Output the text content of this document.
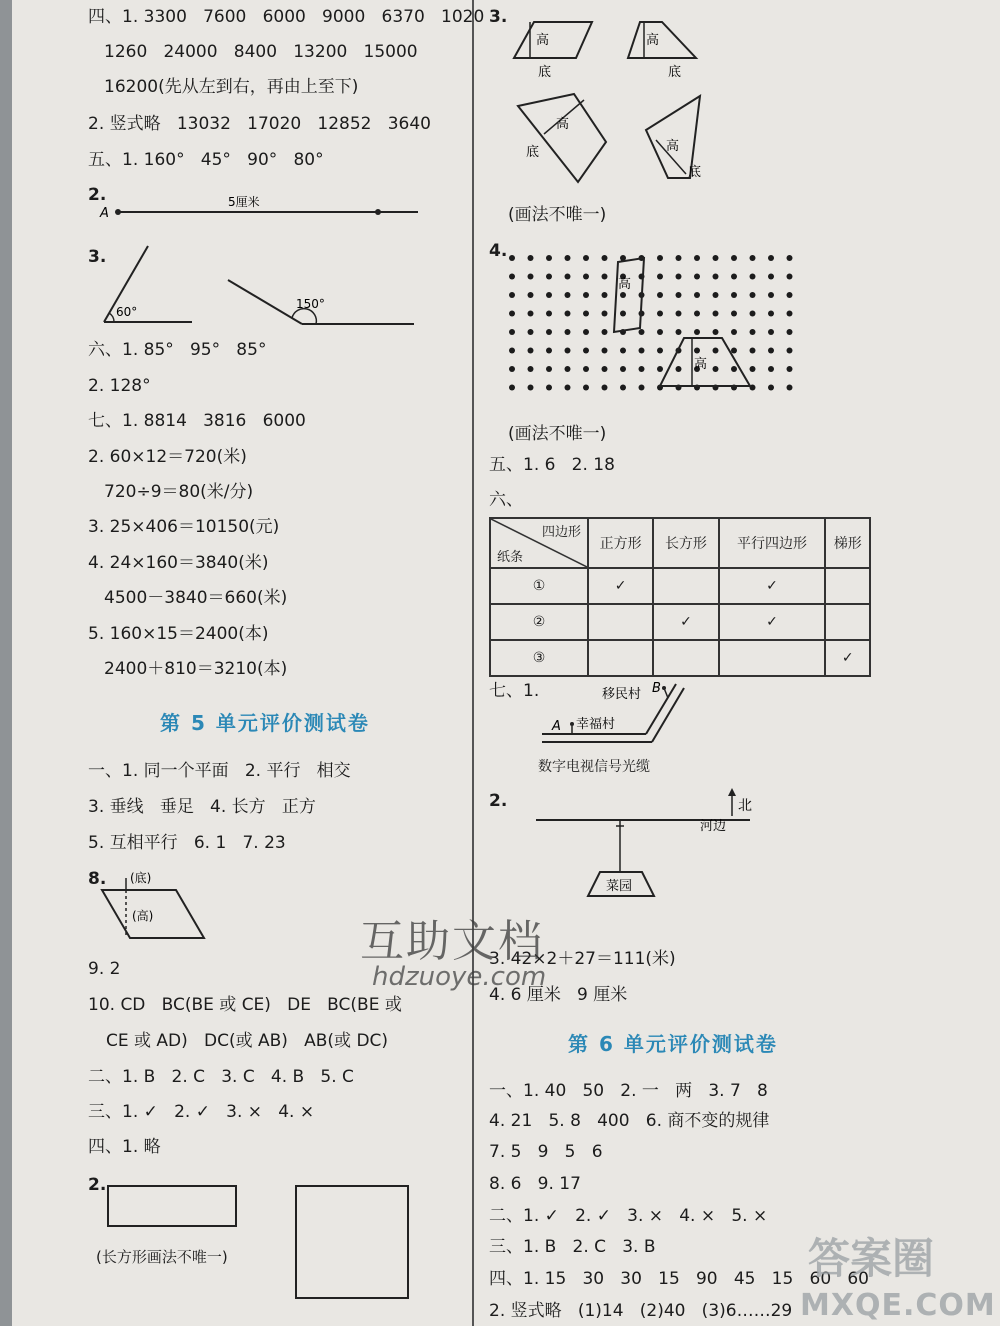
四、1. 3300   7600   6000   9000   6370   1020
1260   24000   8400   13200   15000
16200(先从左到右，再由上至下)
2. 竖式略   13032   17020   12852   3640
五、1. 160°   45°   90°   80°
2.
A
5厘米
3.
60°
150°
六、1. 85°   95°   85°
2. 128°
七、1. 8814   3816   6000
2. 60×12＝720(米)
720÷9＝80(米/分)
3. 25×406＝10150(元)
4. 24×160＝3840(米)
4500－3840＝660(米)
5. 160×15＝2400(本)
2400＋810＝3210(本)
第 5 单元评价测试卷
一、1. 同一个平面   2. 平行   相交
3. 垂线   垂足   4. 长方   正方
5. 互相平行   6. 1   7. 23
8. (底)
(高)
9. 2
10. CD   BC(BE 或 CE)   DE   BC(BE 或
CE 或 AD)   DC(或 AB)   AB(或 DC)
二、1. B   2. C   3. C   4. B   5. C
三、1. ✓   2. ✓   3. ×   4. ×
四、1. 略
2.
(长方形画法不唯一)
3.
高
底
高
底
高
底	高
底
(画法不唯一)
4.
高
高
(画法不唯一)
五、1. 6   2. 18
六、
四边形
纸条	正方形	长方形	平行四边形	梯形
①	✓		✓	
②		✓	✓	
③				✓
七、1.	移民村 B
A 幸福村
数字电视信号光缆
2.	北
河边
菜园
3. 42×2＋27＝111(米)
4. 6 厘米   9 厘米
第 6 单元评价测试卷
一、1. 40   50   2. 一   两   3. 7   8
4. 21   5. 8   400   6. 商不变的规律
7. 5   9   5   6
8. 6   9. 17
二、1. ✓   2. ✓   3. ×   4. ×   5. ×
三、1. B   2. C   3. B
四、1. 15   30   30   15   90   45   15   60   60
2. 竖式略   (1)14   (2)40   (3)6……29
互助文档
hdzuoye.com
答案圈
MXQE.COM
